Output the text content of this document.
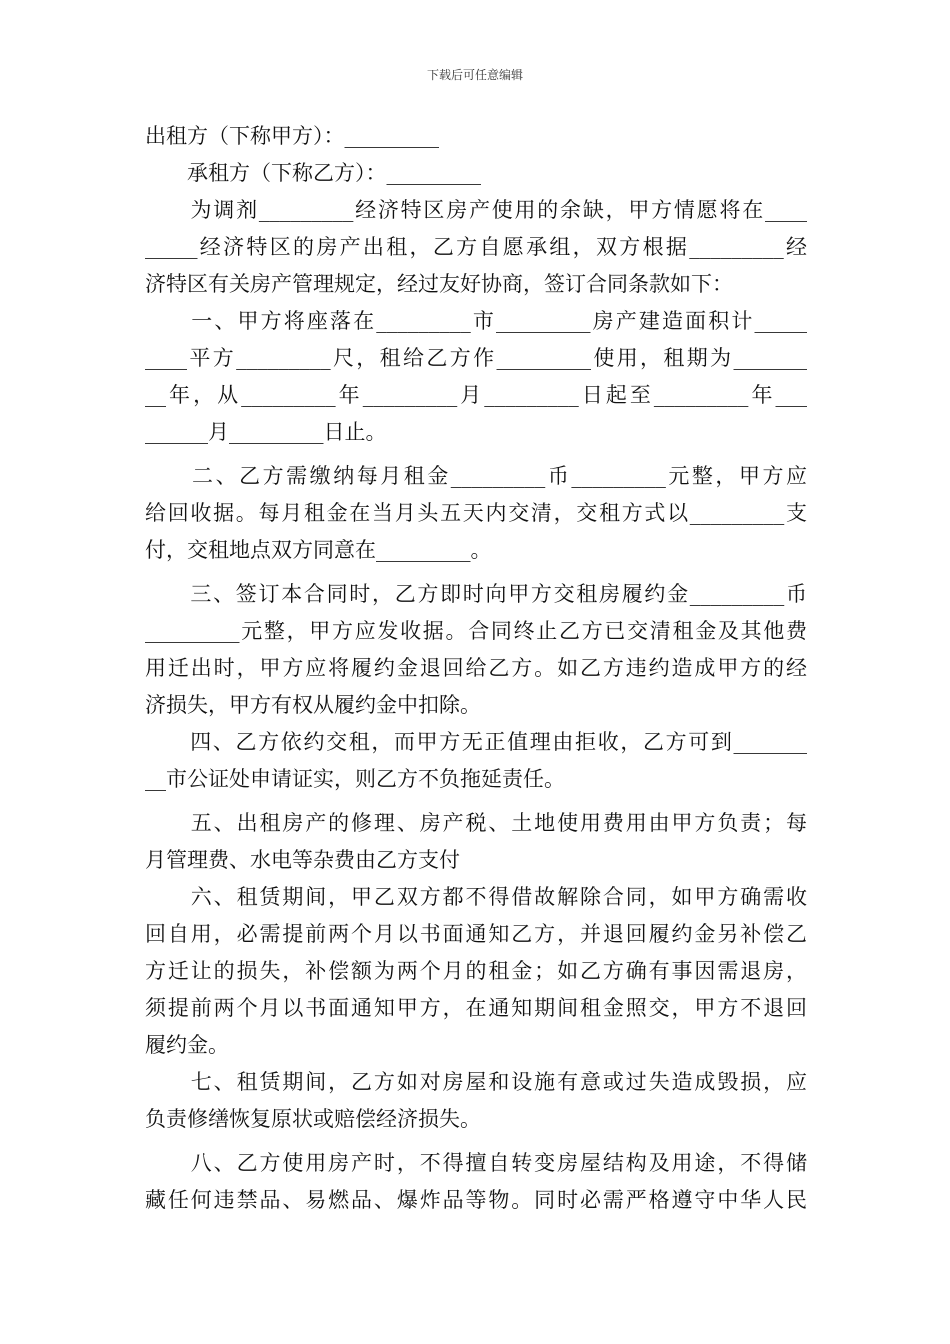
下载后可任意编辑
出租方（下称甲方）：_________
　　承租方（下称乙方）：_________
　　为调剂_________经济特区房产使用的余缺，甲方情愿将在____
_____经济特区的房产出租，乙方自愿承组，双方根据_________经
济特区有关房产管理规定，经过友好协商，签订合同条款如下：
　　一、甲方将座落在_________市_________房产建造面积计_____
____平方_________尺，租给乙方作_________使用，租期为_______
__年，从_________年_________月_________日起至_________年___
______月_________日止。
　　二、乙方需缴纳每月租金_________币_________元整，甲方应
给回收据。每月租金在当月头五天内交清，交租方式以_________支
付，交租地点双方同意在_________。
　　三、签订本合同时，乙方即时向甲方交租房履约金_________币
_________元整，甲方应发收据。合同终止乙方已交清租金及其他费
用迁出时，甲方应将履约金退回给乙方。如乙方违约造成甲方的经
济损失，甲方有权从履约金中扣除。
　　四、乙方依约交租，而甲方无正值理由拒收，乙方可到_______
__市公证处申请证实，则乙方不负拖延责任。
　　五、出租房产的修理、房产税、土地使用费用由甲方负责；每
月管理费、水电等杂费由乙方支付
　　六、租赁期间，甲乙双方都不得借故解除合同，如甲方确需收
回自用，必需提前两个月以书面通知乙方，并退回履约金另补偿乙
方迁让的损失，补偿额为两个月的租金；如乙方确有事因需退房，
须提前两个月以书面通知甲方，在通知期间租金照交，甲方不退回
履约金。
　　七、租赁期间，乙方如对房屋和设施有意或过失造成毁损，应
负责修缮恢复原状或赔偿经济损失。
　　八、乙方使用房产时，不得擅自转变房屋结构及用途，不得储
藏任何违禁品、易燃品、爆炸品等物。同时必需严格遵守中华人民
